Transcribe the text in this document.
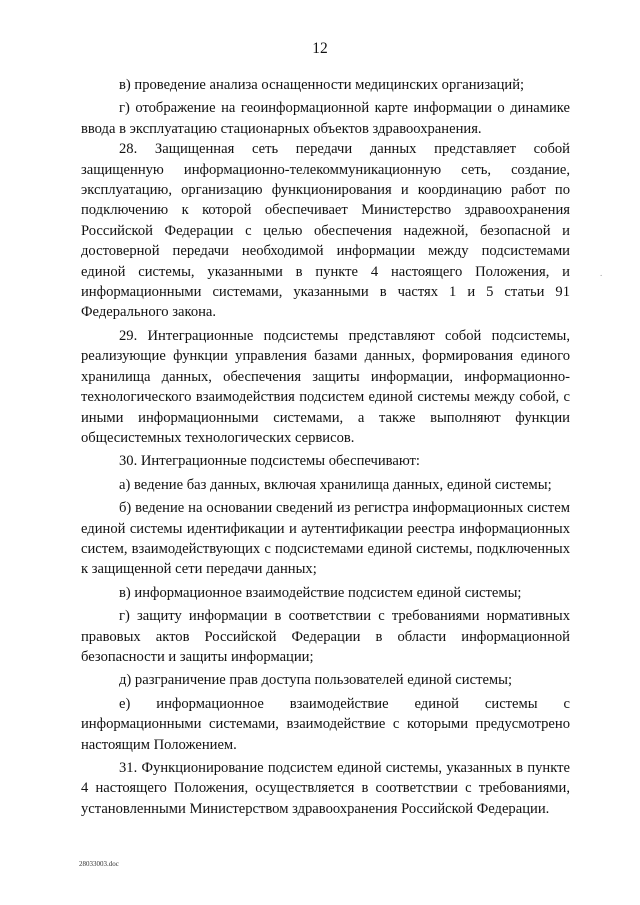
12

в) проведение анализа оснащенности медицинских организаций;

г) отображение на геоинформационной карте информации о динамике ввода в эксплуатацию стационарных объектов здравоохранения.

28. Защищенная сеть передачи данных представляет собой защищенную информационно-телекоммуникационную сеть, создание, эксплуатацию, организацию функционирования и координацию работ по подключению к которой обеспечивает Министерство здравоохранения Российской Федерации с целью обеспечения надежной, безопасной и достоверной передачи необходимой информации между подсистемами единой системы, указанными в пункте 4 настоящего Положения, и информационными системами, указанными в частях 1 и 5 статьи 91 Федерального закона.

29. Интеграционные подсистемы представляют собой подсистемы, реализующие функции управления базами данных, формирования единого хранилища данных, обеспечения защиты информации, информационно-технологического взаимодействия подсистем единой системы между собой, с иными информационными системами, а также выполняют функции общесистемных технологических сервисов.

30. Интеграционные подсистемы обеспечивают:

а) ведение баз данных, включая хранилища данных, единой системы;

б) ведение на основании сведений из регистра информационных систем единой системы идентификации и аутентификации реестра информационных систем, взаимодействующих с подсистемами единой системы, подключенных к защищенной сети передачи данных;

в) информационное взаимодействие подсистем единой системы;

г) защиту информации в соответствии с требованиями нормативных правовых актов Российской Федерации в области информационной безопасности и защиты информации;

д) разграничение прав доступа пользователей единой системы;

е) информационное взаимодействие единой системы с информационными системами, взаимодействие с которыми предусмотрено настоящим Положением.

31. Функционирование подсистем единой системы, указанных в пункте 4 настоящего Положения, осуществляется в соответствии с требованиями, установленными Министерством здравоохранения Российской Федерации.

.
28033003.doc
